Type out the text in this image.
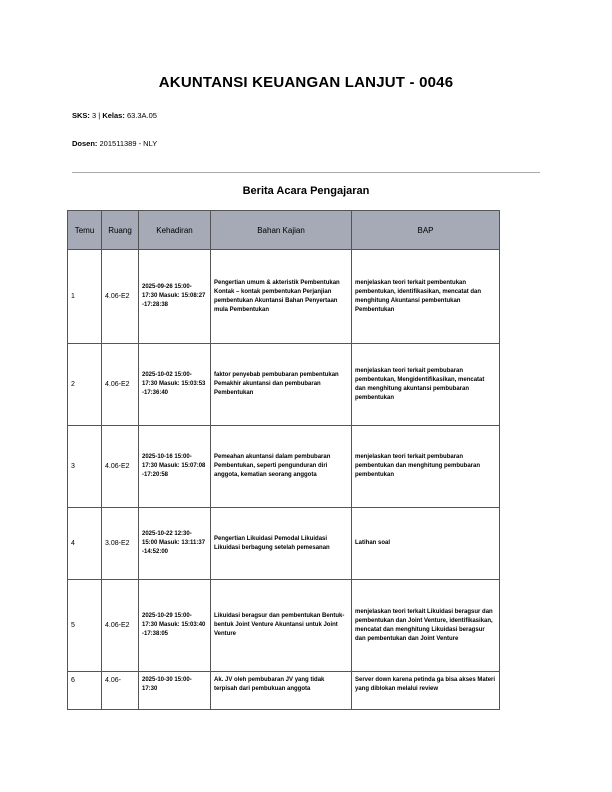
AKUNTANSI KEUANGAN LANJUT - 0046
SKS: 3 | Kelas: 63.3A.05
Dosen: 201511389 - NLY
Berita Acara Pengajaran
Temu	Ruang	Kehadiran	Bahan Kajian	BAP
1	4.06-E2	2025-09-26 15:00-17:30 Masuk: 15:08:27 -17:28:38	Pengertian umum & akteristik Pembentukan Kontak – kontak pembentukan Perjanjian pembentukan Akuntansi Bahan Penyertaan mula Pembentukan	menjelaskan teori terkait pembentukan pembentukan, identifikasikan, mencatat dan menghitung Akuntansi pembentukan Pembentukan
2	4.06-E2	2025-10-02 15:00-17:30 Masuk: 15:03:53 -17:36:40	faktor penyebab pembubaran pembentukan Pemakhir akuntansi dan pembubaran Pembentukan	menjelaskan teori terkait pembubaran pembentukan, Mengidentifikasikan, mencatat dan menghitung akuntansi pembubaran pembentukan
3	4.06-E2	2025-10-16 15:00-17:30 Masuk: 15:07:08 -17:20:58	Pemeahan akuntansi dalam pembubaran Pembentukan, seperti pengunduran diri anggota, kematian seorang anggota	menjelaskan teori terkait pembubaran pembentukan dan menghitung pembubaran pembentukan
4	3.08-E2	2025-10-22 12:30-15:00 Masuk: 13:11:37 -14:52:00	Pengertian Likuidasi Pemodal Likuidasi Likuidasi berbagung setelah pemesanan	Latihan soal
5	4.06-E2	2025-10-29 15:00-17:30 Masuk: 15:03:40 -17:38:05	Likuidasi beragsur dan pembentukan Bentuk-bentuk Joint Venture Akuntansi untuk Joint Venture	menjelaskan teori terkait Likuidasi beragsur dan pembentukan dan Joint Venture, identifikasikan, mencatat dan menghitung Likuidasi beragsur dan pembentukan dan Joint Venture
6	4.06-	2025-10-30 15:00-17:30	Ak. JV oleh pembubaran JV yang tidak terpisah dari pembukuan anggota	Server down karena petinda ga bisa akses Materi yang diblokan melalui review
